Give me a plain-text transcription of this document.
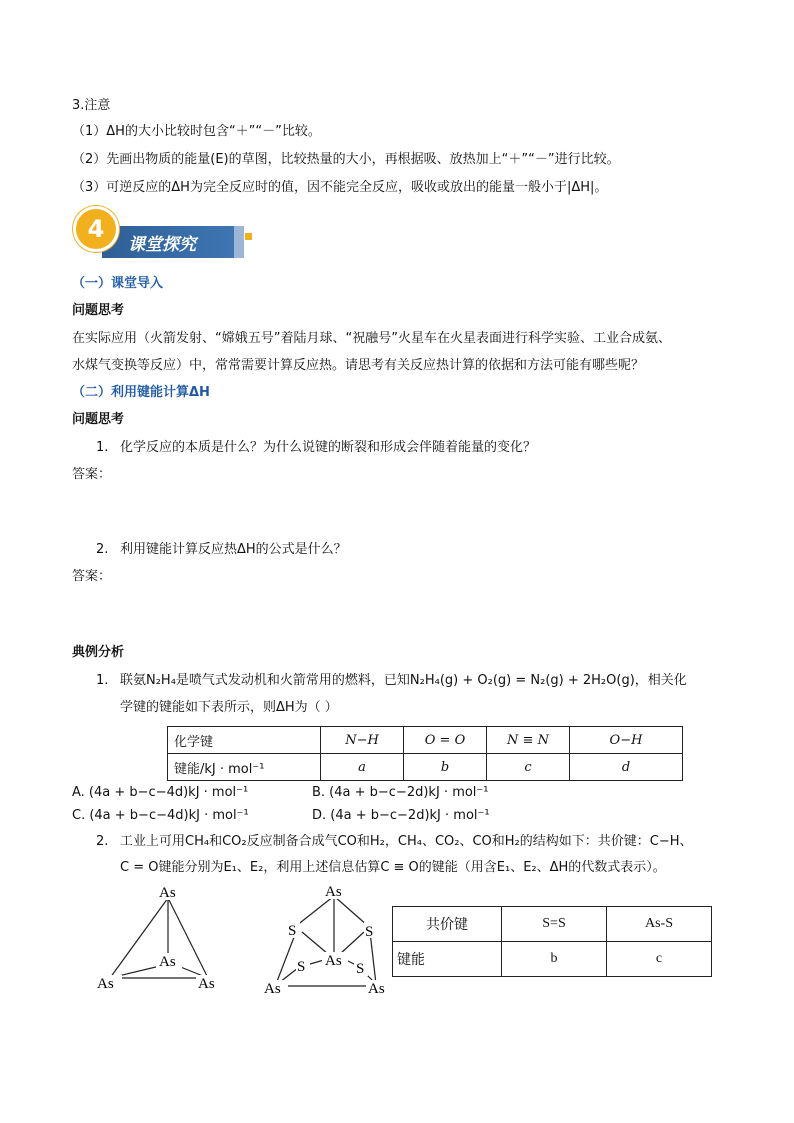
3.注意
（1）ΔH的大小比较时包含“＋”“－”比较。
（2）先画出物质的能量(E)的草图，比较热量的大小，再根据吸、放热加上“＋”“－”进行比较。
（3）可逆反应的ΔH为完全反应时的值，因不能完全反应，吸收或放出的能量一般小于|ΔH|。
课堂探究
4
（一）课堂导入
问题思考
在实际应用（火箭发射、“嫦娥五号”着陆月球、“祝融号”火星车在火星表面进行科学实验、工业合成氨、
水煤气变换等反应）中，常常需要计算反应热。请思考有关反应热计算的依据和方法可能有哪些呢？
（二）利用键能计算ΔH
问题思考
1. 化学反应的本质是什么？为什么说键的断裂和形成会伴随着能量的变化？
答案：
2. 利用键能计算反应热ΔH的公式是什么？
答案：
典例分析
1. 联氨N₂H₄是喷气式发动机和火箭常用的燃料，已知N₂H₄(g) + O₂(g) = N₂(g) + 2H₂O(g)，相关化
学键的键能如下表所示，则ΔH为（ ）
化学键	N−H	O = O	N ≡ N	O−H
键能/kJ · mol⁻¹	a	b	c	d
A. (4a + b−c−4d)kJ · mol⁻¹	B. (4a + b−c−2d)kJ · mol⁻¹
C. (4a + b−c−4d)kJ · mol⁻¹	D. (4a + b−c−2d)kJ · mol⁻¹
2. 工业上可用CH₄和CO₂反应制备合成气CO和H₂，CH₄、CO₂、CO和H₂的结构如下：共价键：C−H、
C = O键能分别为E₁、E₂，利用上述信息估算C ≡ O的键能（用含E₁、E₂、ΔH的代数式表示）。
As
As
As	As
As
S	S
S As S
As	As
共价键	S=S	As-S
键能	b	c
